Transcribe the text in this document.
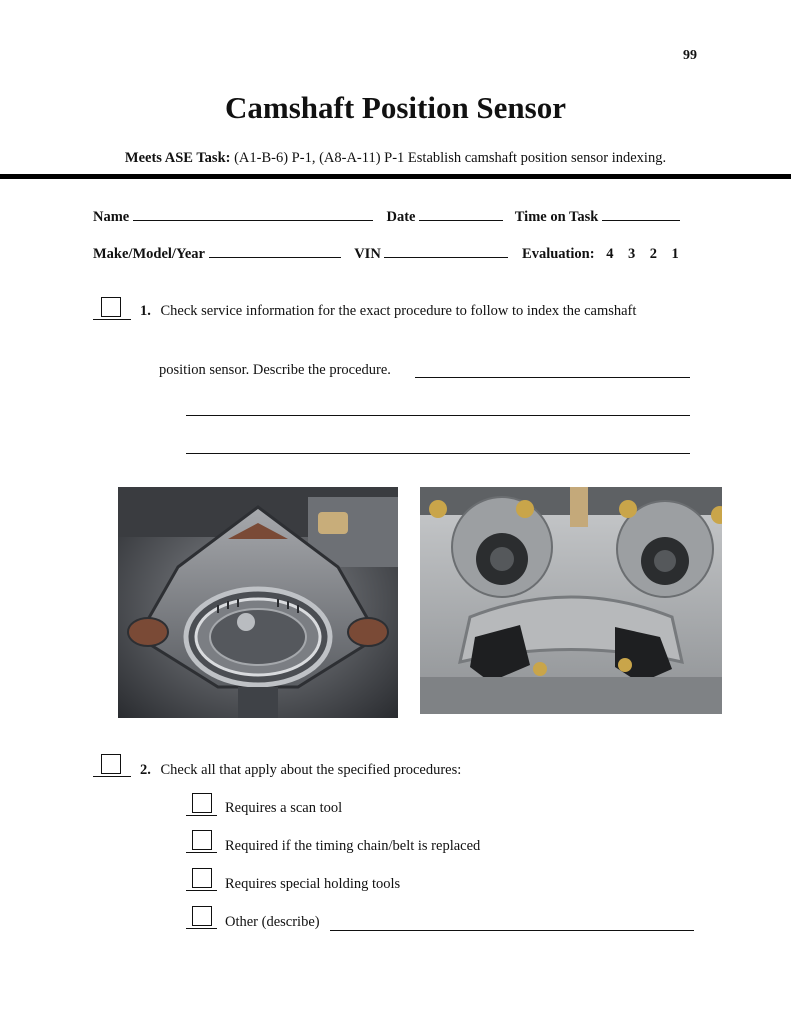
99
Camshaft Position Sensor
Meets ASE Task: (A1-B-6) P-1, (A8-A-11) P-1 Establish camshaft position sensor indexing.
Name	Date	Time on Task
Make/Model/Year	VIN	Evaluation: 4    3    2    1
1. Check service information for the exact procedure to follow to index the camshaft
position sensor. Describe the procedure.
2. Check all that apply about the specified procedures:
Requires a scan tool
Required if the timing chain/belt is replaced
Requires special holding tools
Other (describe)
